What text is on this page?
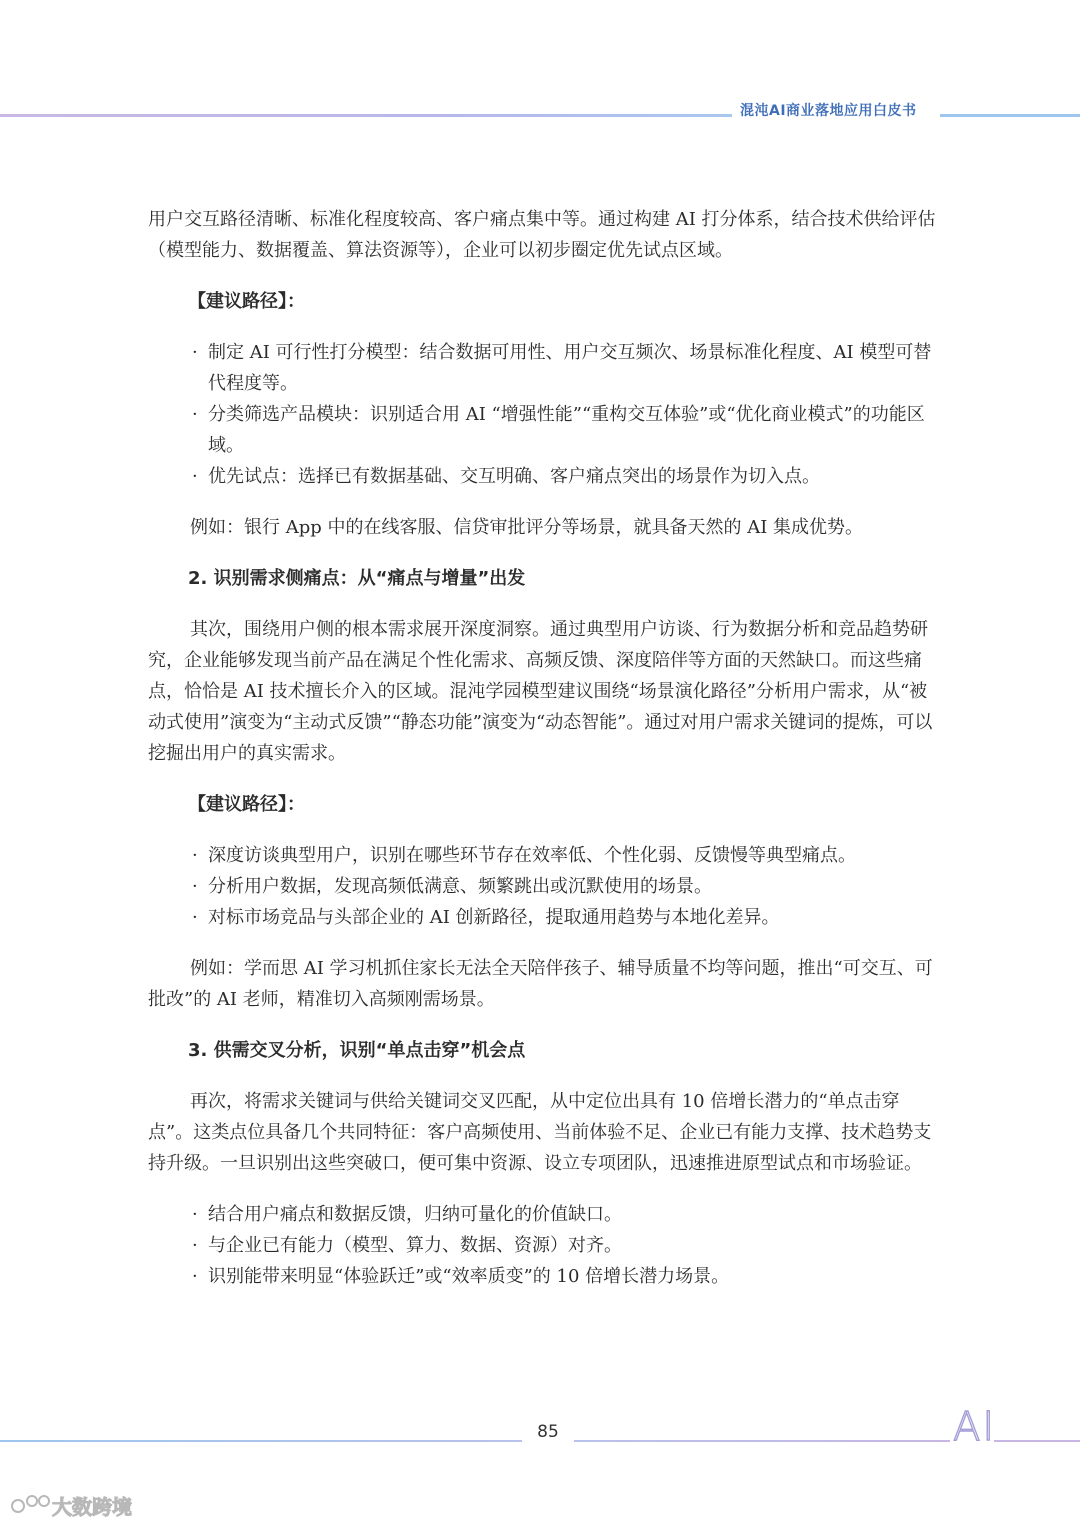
混沌AI商业落地应用白皮书

用户交互路径清晰、标准化程度较高、客户痛点集中等。通过构建 AI 打分体系，结合技术供给评估（模型能力、数据覆盖、算法资源等），企业可以初步圈定优先试点区域。

【建议路径】：

· 制定 AI 可行性打分模型：结合数据可用性、用户交互频次、场景标准化程度、AI 模型可替代程度等。
· 分类筛选产品模块：识别适合用 AI “增强性能”“重构交互体验”或“优化商业模式”的功能区域。
· 优先试点：选择已有数据基础、交互明确、客户痛点突出的场景作为切入点。

例如：银行 App 中的在线客服、信贷审批评分等场景，就具备天然的 AI 集成优势。

2. 识别需求侧痛点：从“痛点与增量”出发

其次，围绕用户侧的根本需求展开深度洞察。通过典型用户访谈、行为数据分析和竞品趋势研究，企业能够发现当前产品在满足个性化需求、高频反馈、深度陪伴等方面的天然缺口。而这些痛点，恰恰是 AI 技术擅长介入的区域。混沌学园模型建议围绕“场景演化路径”分析用户需求，从“被动式使用”演变为“主动式反馈”“静态功能”演变为“动态智能”。通过对用户需求关键词的提炼，可以挖掘出用户的真实需求。

【建议路径】：

· 深度访谈典型用户，识别在哪些环节存在效率低、个性化弱、反馈慢等典型痛点。
· 分析用户数据，发现高频低满意、频繁跳出或沉默使用的场景。
· 对标市场竞品与头部企业的 AI 创新路径，提取通用趋势与本地化差异。

例如：学而思 AI 学习机抓住家长无法全天陪伴孩子、辅导质量不均等问题，推出“可交互、可批改”的 AI 老师，精准切入高频刚需场景。

3. 供需交叉分析，识别“单点击穿”机会点

再次，将需求关键词与供给关键词交叉匹配，从中定位出具有 10 倍增长潜力的“单点击穿点”。这类点位具备几个共同特征：客户高频使用、当前体验不足、企业已有能力支撑、技术趋势支持升级。一旦识别出这些突破口，便可集中资源、设立专项团队，迅速推进原型试点和市场验证。

· 结合用户痛点和数据反馈，归纳可量化的价值缺口。
· 与企业已有能力（模型、算力、数据、资源）对齐。
· 识别能带来明显“体验跃迁”或“效率质变”的 10 倍增长潜力场景。
85	AI
大数跨境
